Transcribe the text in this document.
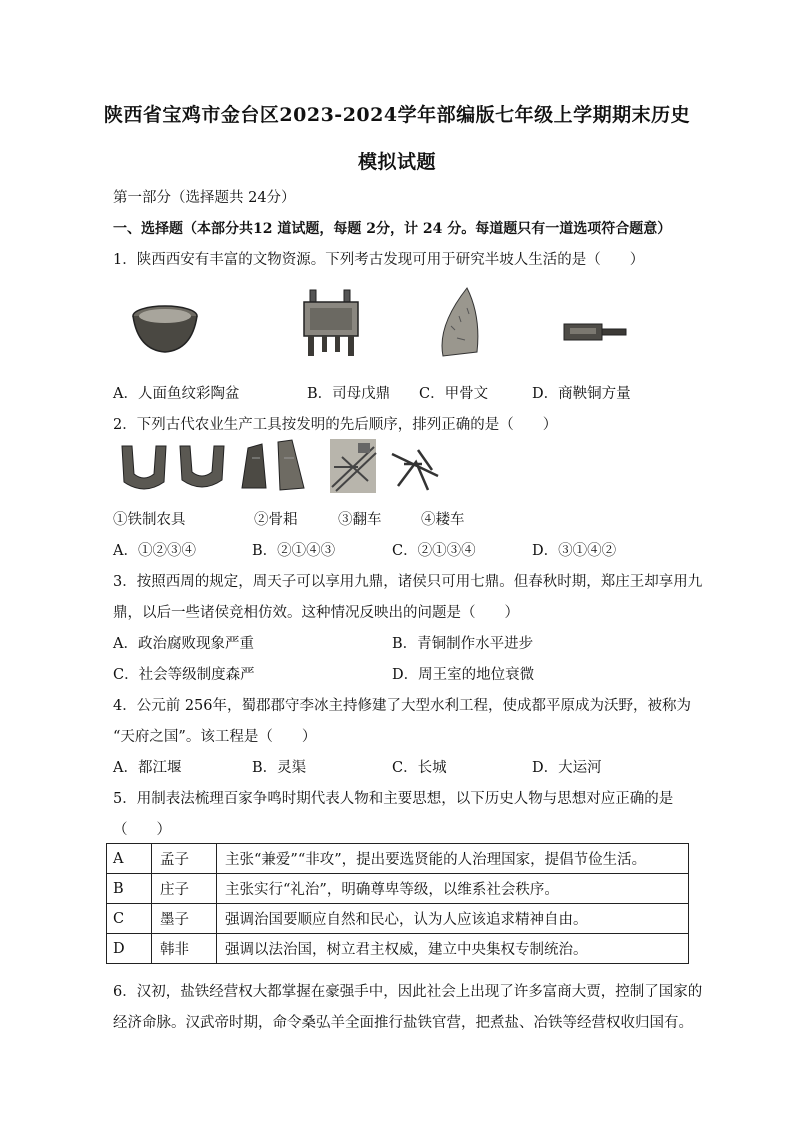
陕西省宝鸡市金台区2023-2024学年部编版七年级上学期期末历史
模拟试题
第一部分（选择题共 24分）
一、选择题（本部分共12 道试题，每题 2分，计 24 分。每道题只有一道选项符合题意）
1．陕西西安有丰富的文物资源。下列考古发现可用于研究半坡人生活的是（　　）
A．人面鱼纹彩陶盆	B．司母戊鼎 C．甲骨文	D．商鞅铜方量
2．下列古代农业生产工具按发明的先后顺序，排列正确的是（　　）
①铁制农具	②骨耜	③翻车	④耧车
A．①②③④	B．②①④③	C．②①③④	D．③①④②
3．按照西周的规定，周天子可以享用九鼎，诸侯只可用七鼎。但春秋时期，郑庄王却享用九
鼎，以后一些诸侯竞相仿效。这种情况反映出的问题是（　　）
A．政治腐败现象严重	B．青铜制作水平进步
C．社会等级制度森严	D．周王室的地位衰微
4．公元前 256年，蜀郡郡守李冰主持修建了大型水利工程，使成都平原成为沃野，被称为
“天府之国”。该工程是（　　）
A．都江堰	B．灵渠	C．长城	D．大运河
5．用制表法梳理百家争鸣时期代表人物和主要思想，以下历史人物与思想对应正确的是
（　　）
A	孟子	主张“兼爱”“非攻”，提出要选贤能的人治理国家，提倡节俭生活。
B	庄子	主张实行“礼治”，明确尊卑等级，以维系社会秩序。
C	墨子	强调治国要顺应自然和民心，认为人应该追求精神自由。
D	韩非	强调以法治国，树立君主权威，建立中央集权专制统治。
6．汉初，盐铁经营权大都掌握在豪强手中，因此社会上出现了许多富商大贾，控制了国家的
经济命脉。汉武帝时期，命令桑弘羊全面推行盐铁官营，把煮盐、冶铁等经营权收归国有。
